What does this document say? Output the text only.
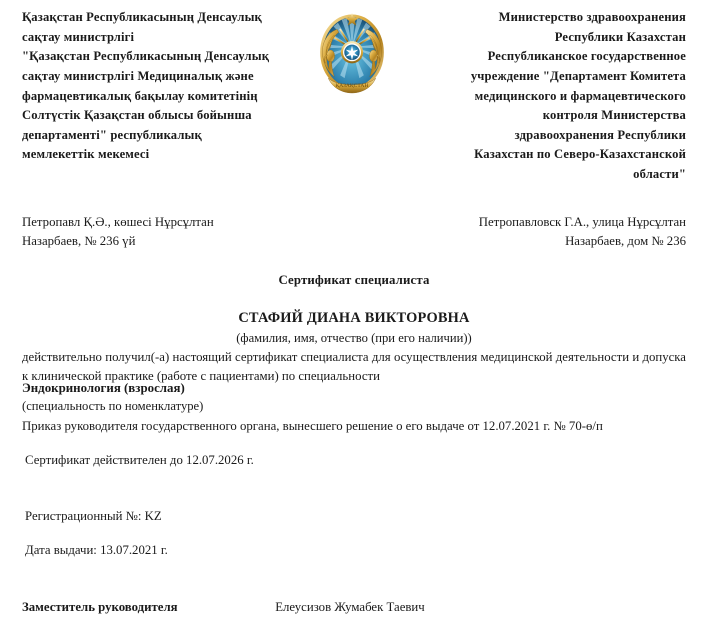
Қазақстан Республикасының Денсаулық
сақтау министрлігі
"Қазақстан Республикасының Денсаулық
сақтау министрлігі Медициналық және
фармацевтикалық бақылау комитетінің
Солтүстік Қазақстан облысы бойынша
департаменті" республикалық
мемлекеттік мекемесі
ҚАЗАҚСТАН
Министерство здравоохранения
Республики Казахстан
Республиканское государственное
учреждение "Департамент Комитета
медицинского и фармацевтического
контроля Министерства
здравоохранения Республики
Казахстан по Северо-Казахстанской
области"
Петропавл Қ.Ә., көшесі Нұрсұлтан
Назарбаев, № 236 үй
Петропавловск Г.А., улица Нұрсұлтан
Назарбаев, дом № 236
Сертификат специалиста
СТАФИЙ ДИАНА ВИКТОРОВНА
(фамилия, имя, отчество (при его наличии))
действительно получил(-а) настоящий сертификат специалиста для осуществления медицинской деятельности и допуска к клинической практике (работе с пациентами) по специальности
Эндокринология (взрослая)
(специальность по номенклатуре)
Приказ руководителя государственного органа, вынесшего решение о его выдаче от 12.07.2021 г. № 70-ө/п
Сертификат действителен до 12.07.2026 г.
Регистрационный №: KZ
Дата выдачи: 13.07.2021 г.
Заместитель руководителя	Елеусизов Жумабек Таевич
